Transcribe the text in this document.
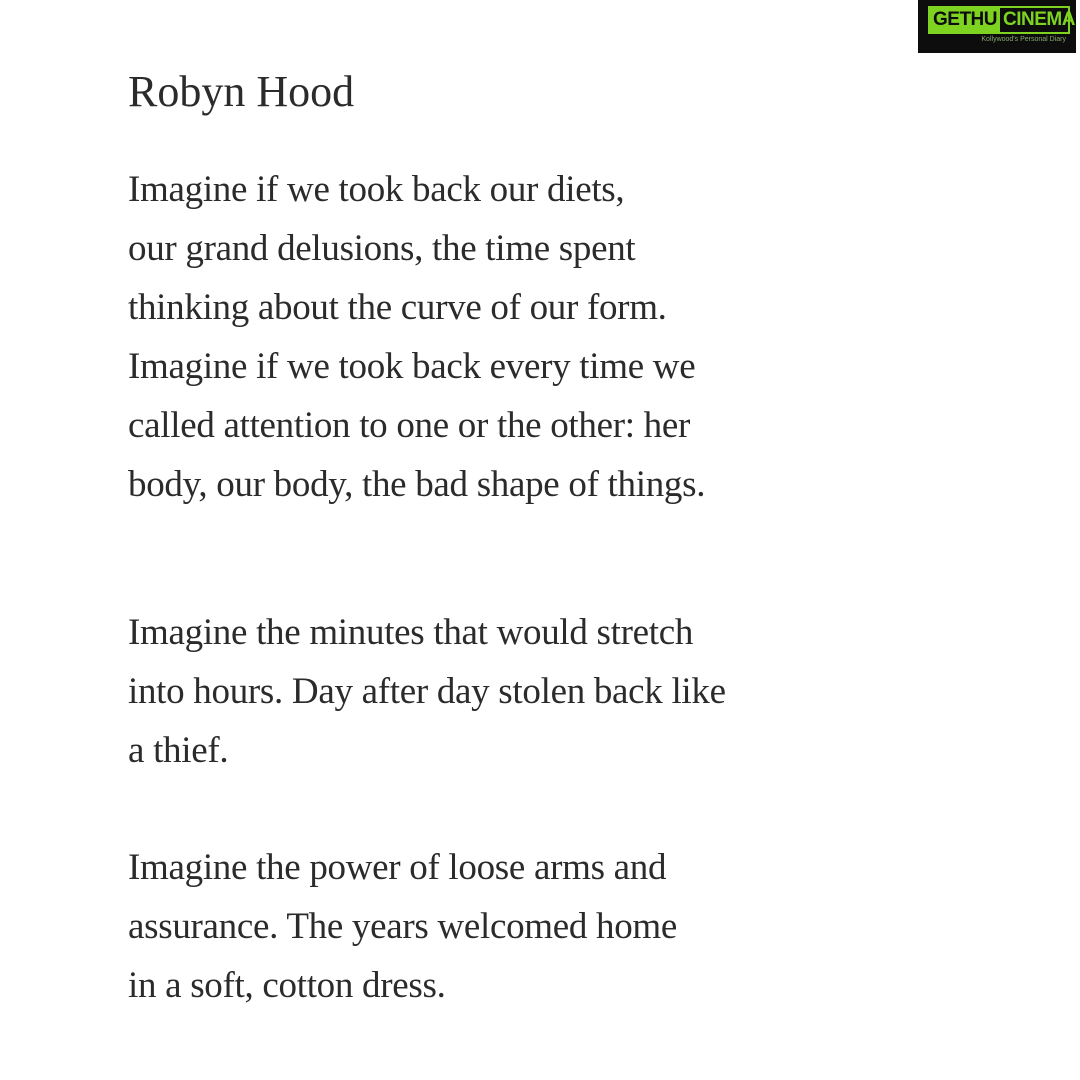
GETHU CINEMA
Kollywood's Personal Diary
Robyn Hood

Imagine if we took back our diets,
our grand delusions, the time spent
thinking about the curve of our form.
Imagine if we took back every time we
called attention to one or the other: her
body, our body, the bad shape of things.

Imagine the minutes that would stretch
into hours. Day after day stolen back like
a thief.

Imagine the power of loose arms and
assurance. The years welcomed home
in a soft, cotton dress.
